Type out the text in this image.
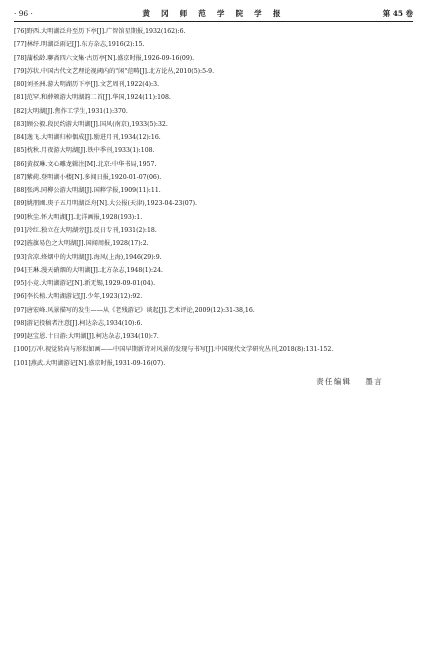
· 96 ·	黄 冈 师 范 学 院 学 报	第 45 卷
[76]野西.大明湖泛舟至历下亭[J].广智馆星期报,1932(162):6.
[77]林纾.明湖泛雨记[J].东方杂志,1916(2):15.
[78]蒲松龄.聊斋四六文集·古历亭[N].盛京时报,1926-09-16(09).
[79]苏状.中国古代文艺理论视阈内的"闲"范畴[J].北方论丛,2010(5):5-9.
[80]刘圣洲.游大明湖历下亭[J].文艺周刊,1922(4):3.
[81]范罕.和薛颁游大明湖韵二首[J].华国,1924(11):108.
[82]大明湖[J].焦作工学生,1931(1):370.
[83]顾公毅.段民约游大明湖[J].国风(南京),1933(5):32.
[84]逸飞.大明湖归棹偶成[J].励进月刊,1934(12):16.
[85]枕秋.月夜游大明湖[J].铁中季刊,1933(1):108.
[86]黄叔琳.文心雕龙辑注[M].北京:中华书局,1957.
[87]紫莼.登明湖小楼[N].多闻日报,1920-01-07(06).
[88]张鸿.同柳公游大明湖[J].国粹学报,1909(11):11.
[89]姚朋圃.庚子五月明湖泛舟[N].大公报(天津),1923-04-23(07).
[90]秋尘.怀大明湖[J].北洋画报,1928(193):1.
[91]冷红.独立在大明湖旁[J].反日专刊,1931(2):18.
[92]旌旗易色之大明湖[J].国闻周报,1928(17):2.
[93]含凉.烽烟中的大明湖[J].海风(上海),1946(29):9.
[94]王琳.漫天硝烟的大明湖[J].北方杂志,1948(1):24.
[95]小竞.大明湖游记[N].新无锡,1929-09-01(04).
[96]李长植.大明湖游记[J].少年,1923(12):92.
[97]唐宏峰.风景描写的发生——从《老残游记》谈起[J].艺术评论,2009(12):31-38,16.
[98]游记投稿者注意[J].柯达杂志,1934(10):6.
[99]赵宝恩.十日游:大明湖[J].柯达杂志,1934(10):7.
[100]万冲.视觉转向与形似如画——中国早期新诗对风景的发现与书写[J].中国现代文学研究丛刊,2018(8):131-152.
[101]燕武.大明湖游记[N].盛京时报,1931-09-16(07).
责任编辑 墨言
